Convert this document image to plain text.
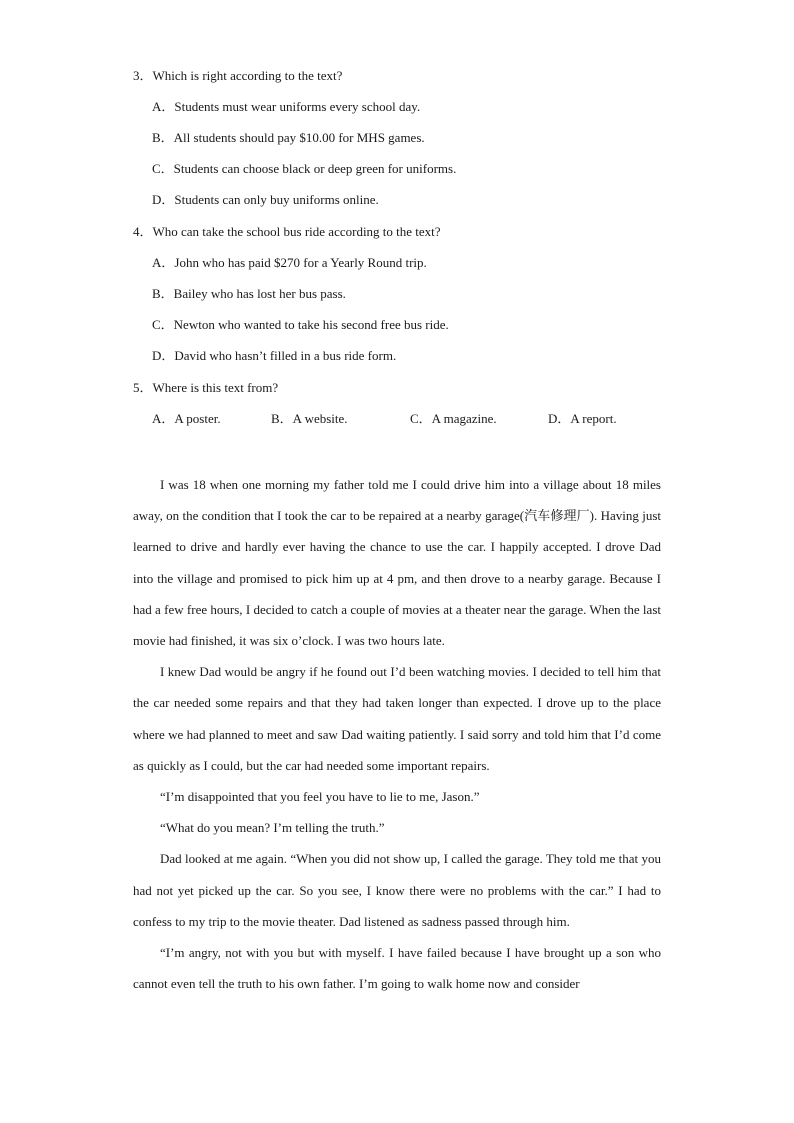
3．Which is right according to the text?
A．Students must wear uniforms every school day.
B．All students should pay $10.00 for MHS games.
C．Students can choose black or deep green for uniforms.
D．Students can only buy uniforms online.
4．Who can take the school bus ride according to the text?
A．John who has paid $270 for a Yearly Round trip.
B．Bailey who has lost her bus pass.
C．Newton who wanted to take his second free bus ride.
D．David who hasn’t filled in a bus ride form.
5．Where is this text from?
A．A poster.	B．A website.	C．A magazine.	D．A report.

I was 18 when one morning my father told me I could drive him into a village about 18 miles away, on the condition that I took the car to be repaired at a nearby garage(汽车修理厂). Having just learned to drive and hardly ever having the chance to use the car. I happily accepted. I drove Dad into the village and promised to pick him up at 4 pm, and then drove to a nearby garage. Because I had a few free hours, I decided to catch a couple of movies at a theater near the garage. When the last movie had finished, it was six o’clock. I was two hours late.

I knew Dad would be angry if he found out I’d been watching movies. I decided to tell him that the car needed some repairs and that they had taken longer than expected. I drove up to the place where we had planned to meet and saw Dad waiting patiently. I said sorry and told him that I’d come as quickly as I could, but the car had needed some important repairs.

“I’m disappointed that you feel you have to lie to me, Jason.”

“What do you mean? I’m telling the truth.”

Dad looked at me again. “When you did not show up, I called the garage. They told me that you had not yet picked up the car. So you see, I know there were no problems with the car.” I had to confess to my trip to the movie theater. Dad listened as sadness passed through him.

“I’m angry, not with you but with myself. I have failed because I have brought up a son who cannot even tell the truth to his own father. I’m going to walk home now and consider
